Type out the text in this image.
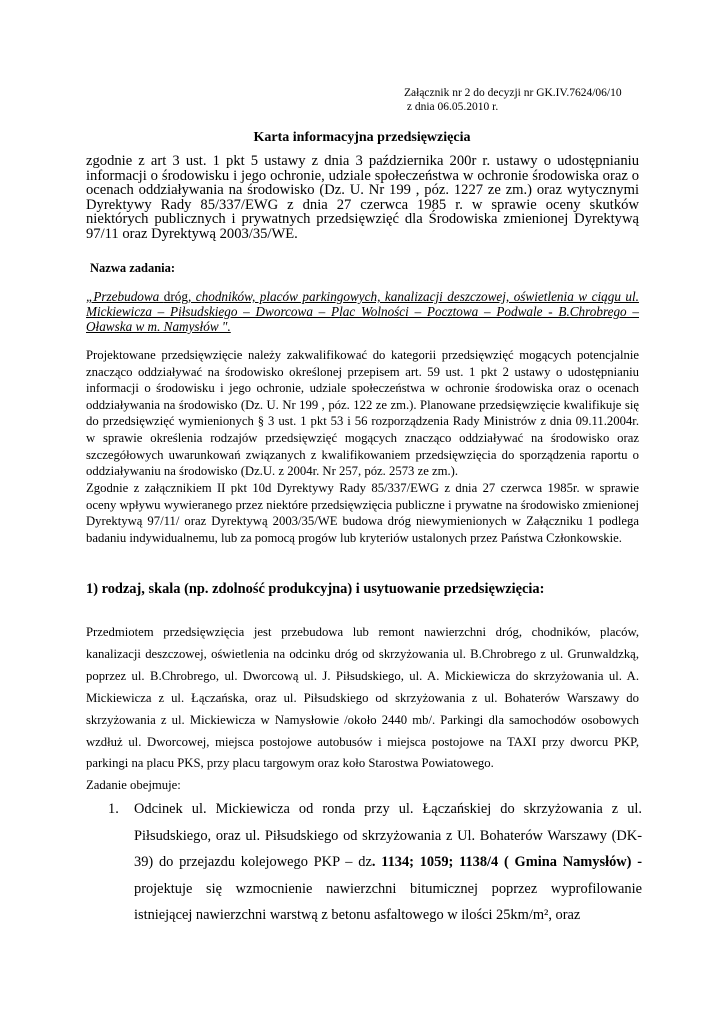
Załącznik nr 2 do decyzji nr GK.IV.7624/06/10
z dnia 06.05.2010 r.
Karta informacyjna przedsięwzięcia
zgodnie z art 3 ust. 1 pkt 5 ustawy z dnia 3 października 200r r. ustawy o udostępnianiu informacji o środowisku i jego ochronie, udziale społeczeństwa w ochronie środowiska oraz o ocenach oddziaływania na środowisko (Dz. U. Nr 199 , póz. 1227 ze zm.) oraz wytycznymi Dyrektywy Rady 85/337/EWG z dnia 27 czerwca 1985 r. w sprawie oceny skutków niektórych publicznych i prywatnych przedsięwzięć dla Środowiska zmienionej Dyrektywą 97/11 oraz Dyrektywą 2003/35/WE.
Nazwa zadania:
„Przebudowa dróg, chodników, placów parkingowych, kanalizacji deszczowej, oświetlenia w ciągu ul. Mickiewicza – Piłsudskiego – Dworcowa – Plac Wolności – Pocztowa – Podwale - B.Chrobrego – Oławska w m. Namysłów ".
Projektowane przedsięwzięcie należy zakwalifikować do kategorii przedsięwzięć mogących potencjalnie znacząco oddziaływać na środowisko określonej przepisem art. 59 ust. 1 pkt 2 ustawy o udostępnianiu informacji o środowisku i jego ochronie, udziale społeczeństwa w ochronie środowiska oraz o ocenach oddziaływania na środowisko (Dz. U. Nr 199 , póz. 122 ze zm.). Planowane przedsięwzięcie kwalifikuje się do przedsięwzięć wymienionych § 3 ust. 1 pkt 53 i 56 rozporządzenia Rady Ministrów z dnia 09.11.2004r. w sprawie określenia rodzajów przedsięwzięć mogących znacząco oddziaływać na środowisko oraz szczegółowych uwarunkowań związanych z kwalifikowaniem przedsięwzięcia do sporządzenia raportu o oddziaływaniu na środowisko (Dz.U. z 2004r. Nr 257, póz. 2573 ze zm.).
Zgodnie z załącznikiem II pkt 10d Dyrektywy Rady 85/337/EWG z dnia 27 czerwca 1985r. w sprawie oceny wpływu wywieranego przez niektóre przedsięwzięcia publiczne i prywatne na środowisko zmienionej Dyrektywą 97/11/ oraz Dyrektywą 2003/35/WE budowa dróg niewymienionych w Załączniku 1 podlega badaniu indywidualnemu, lub za pomocą progów lub kryteriów ustalonych przez Państwa Członkowskie.
1) rodzaj, skala (np. zdolność produkcyjna) i usytuowanie przedsięwzięcia:
Przedmiotem przedsięwzięcia jest przebudowa lub remont nawierzchni dróg, chodników, placów, kanalizacji deszczowej, oświetlenia na odcinku dróg od skrzyżowania ul. B.Chrobrego z ul. Grunwaldzką, poprzez ul. B.Chrobrego, ul. Dworcową ul. J. Piłsudskiego, ul. A. Mickiewicza do skrzyżowania ul. A. Mickiewicza z ul. Łączańska, oraz ul. Piłsudskiego od skrzyżowania z ul. Bohaterów Warszawy do skrzyżowania z ul. Mickiewicza w Namysłowie /około 2440 mb/. Parkingi dla samochodów osobowych wzdłuż ul. Dworcowej, miejsca postojowe autobusów i miejsca postojowe na TAXI przy dworcu PKP, parkingi na placu PKS, przy placu targowym oraz koło Starostwa Powiatowego.
Zadanie obejmuje:
1. Odcinek ul. Mickiewicza od ronda przy ul. Łączańskiej do skrzyżowania z ul. Piłsudskiego, oraz ul. Piłsudskiego od skrzyżowania z Ul. Bohaterów Warszawy (DK-39) do przejazdu kolejowego PKP – dz. 1134; 1059; 1138/4 ( Gmina Namysłów) - projektuje się wzmocnienie nawierzchni bitumicznej poprzez wyprofilowanie istniejącej nawierzchni warstwą z betonu asfaltowego w ilości 25km/m², oraz
